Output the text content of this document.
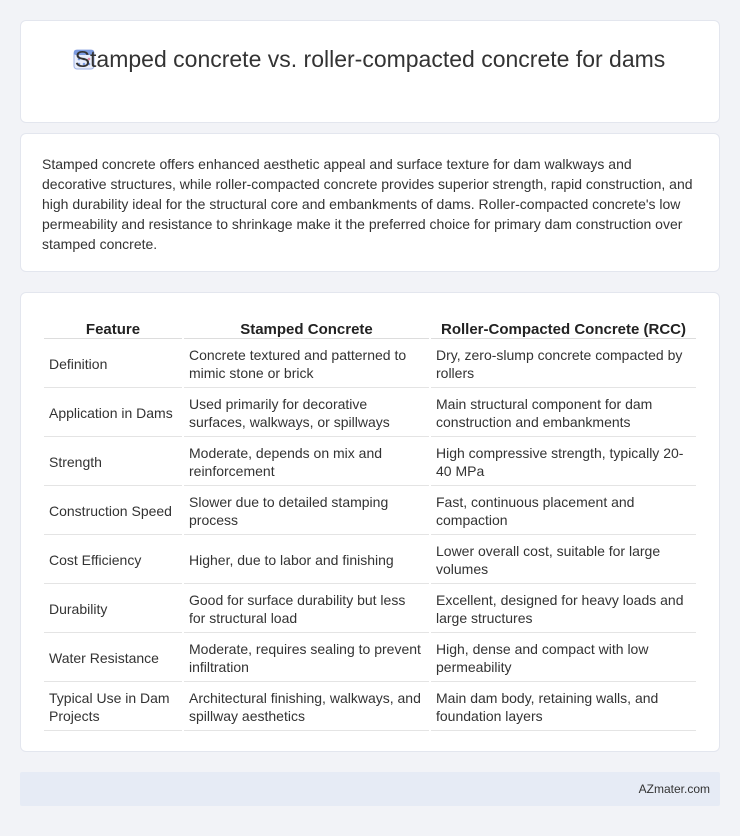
Stamped concrete vs. roller-compacted concrete for dams

Stamped concrete offers enhanced aesthetic appeal and surface texture for dam walkways and decorative structures, while roller-compacted concrete provides superior strength, rapid construction, and high durability ideal for the structural core and embankments of dams. Roller-compacted concrete's low permeability and resistance to shrinkage make it the preferred choice for primary dam construction over stamped concrete.

Feature	Stamped Concrete	Roller-Compacted Concrete (RCC)
Definition	Concrete textured and patterned to mimic stone or brick	Dry, zero-slump concrete compacted by rollers
Application in Dams	Used primarily for decorative surfaces, walkways, or spillways	Main structural component for dam construction and embankments
Strength	Moderate, depends on mix and reinforcement	High compressive strength, typically 20-40 MPa
Construction Speed	Slower due to detailed stamping process	Fast, continuous placement and compaction
Cost Efficiency	Higher, due to labor and finishing	Lower overall cost, suitable for large volumes
Durability	Good for surface durability but less for structural load	Excellent, designed for heavy loads and large structures
Water Resistance	Moderate, requires sealing to prevent infiltration	High, dense and compact with low permeability
Typical Use in Dam Projects	Architectural finishing, walkways, and spillway aesthetics	Main dam body, retaining walls, and foundation layers
AZmater.com
